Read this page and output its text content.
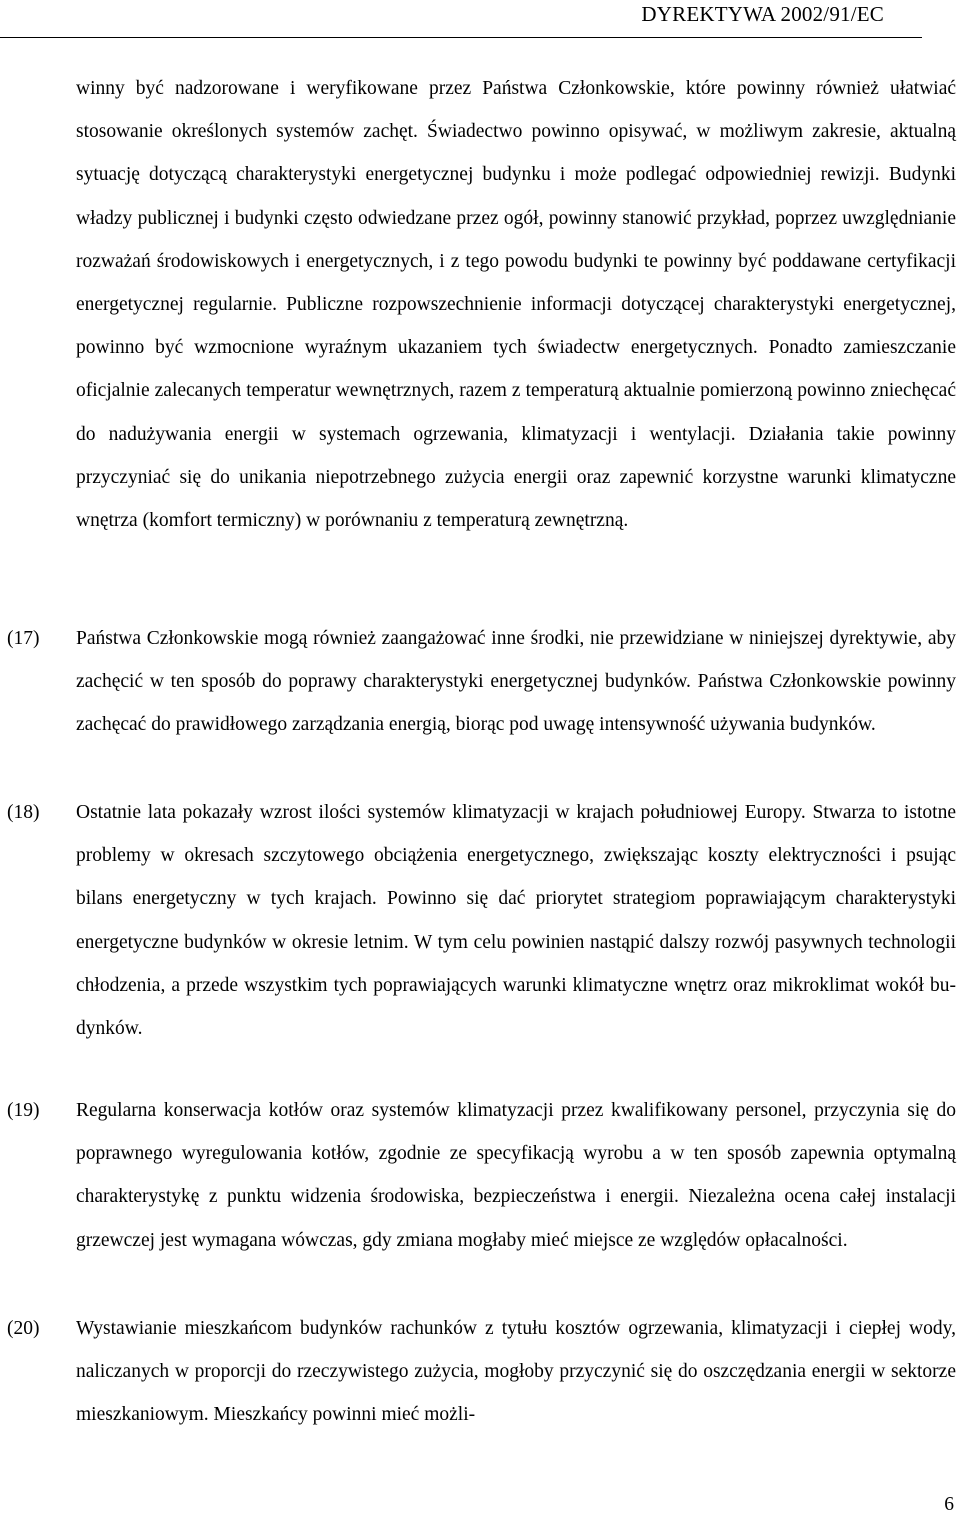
DYREKTYWA 2002/91/EC
winny być nadzorowane i weryfikowane przez Państwa Członkowskie, które powinny również ułatwiać stosowanie określonych systemów zachęt. Świadectwo powinno opisywać, w możliwym zakresie, aktualną sytuację dotyczącą charakterystyki energetycznej budynku i może podlegać odpowiedniej rewizji. Budynki władzy publicznej i budynki często odwiedzane przez ogół, powinny stanowić przykład, poprzez uwzględnianie rozważań środowiskowych i energetycznych, i z tego powodu budynki te powinny być poddawane certyfikacji energetycznej regularnie. Publiczne rozpowszechnienie informacji dotyczącej charakterystyki energetycznej, powinno być wzmocnione wyraźnym ukazaniem tych świadectw energetycznych. Ponadto zamieszczanie oficjalnie zalecanych temperatur wewnętrznych, razem z temperaturą aktualnie pomierzoną powinno zniechęcać do nadużywania energii w systemach ogrzewania, klimatyzacji i wentylacji. Działania takie powinny przyczyniać się do unikania niepotrzebnego zużycia energii oraz zapewnić korzystne warunki klimatyczne wnętrza (komfort termiczny) w porównaniu z temperaturą zewnętrzną.
(17) Państwa Członkowskie mogą również zaangażować inne środki, nie przewidziane w niniejszej dyrektywie, aby zachęcić w ten sposób do poprawy charakterystyki energetycznej budynków. Państwa Członkowskie powinny zachęcać do prawidłowego zarządzania energią, biorąc pod uwagę intensywność używania budynków.
(18) Ostatnie lata pokazały wzrost ilości systemów klimatyzacji w krajach południowej Europy. Stwarza to istotne problemy w okresach szczytowego obciążenia energetycznego, zwiększając koszty elektryczności i psując bilans energetyczny w tych krajach. Powinno się dać priorytet strategiom poprawiającym charakterystyki energetyczne budynków w okresie letnim. W tym celu powinien nastąpić dalszy rozwój pasywnych technologii chłodzenia, a przede wszystkim tych poprawiających warunki klimatyczne wnętrz oraz mikroklimat wokół budynków.
(19) Regularna konserwacja kotłów oraz systemów klimatyzacji przez kwalifikowany personel, przyczynia się do poprawnego wyregulowania kotłów, zgodnie ze specyfikacją wyrobu a w ten sposób zapewnia optymalną charakterystykę z punktu widzenia środowiska, bezpieczeństwa i energii. Niezależna ocena całej instalacji grzewczej jest wymagana wówczas, gdy zmiana mogłaby mieć miejsce ze względów opłacalności.
(20) Wystawianie mieszkańcom budynków rachunków z tytułu kosztów ogrzewania, klimatyzacji i ciepłej wody, naliczanych w proporcji do rzeczywistego zużycia, mogłoby przyczynić się do oszczędzania energii w sektorze mieszkaniowym. Mieszkańcy powinni mieć możli-
6
